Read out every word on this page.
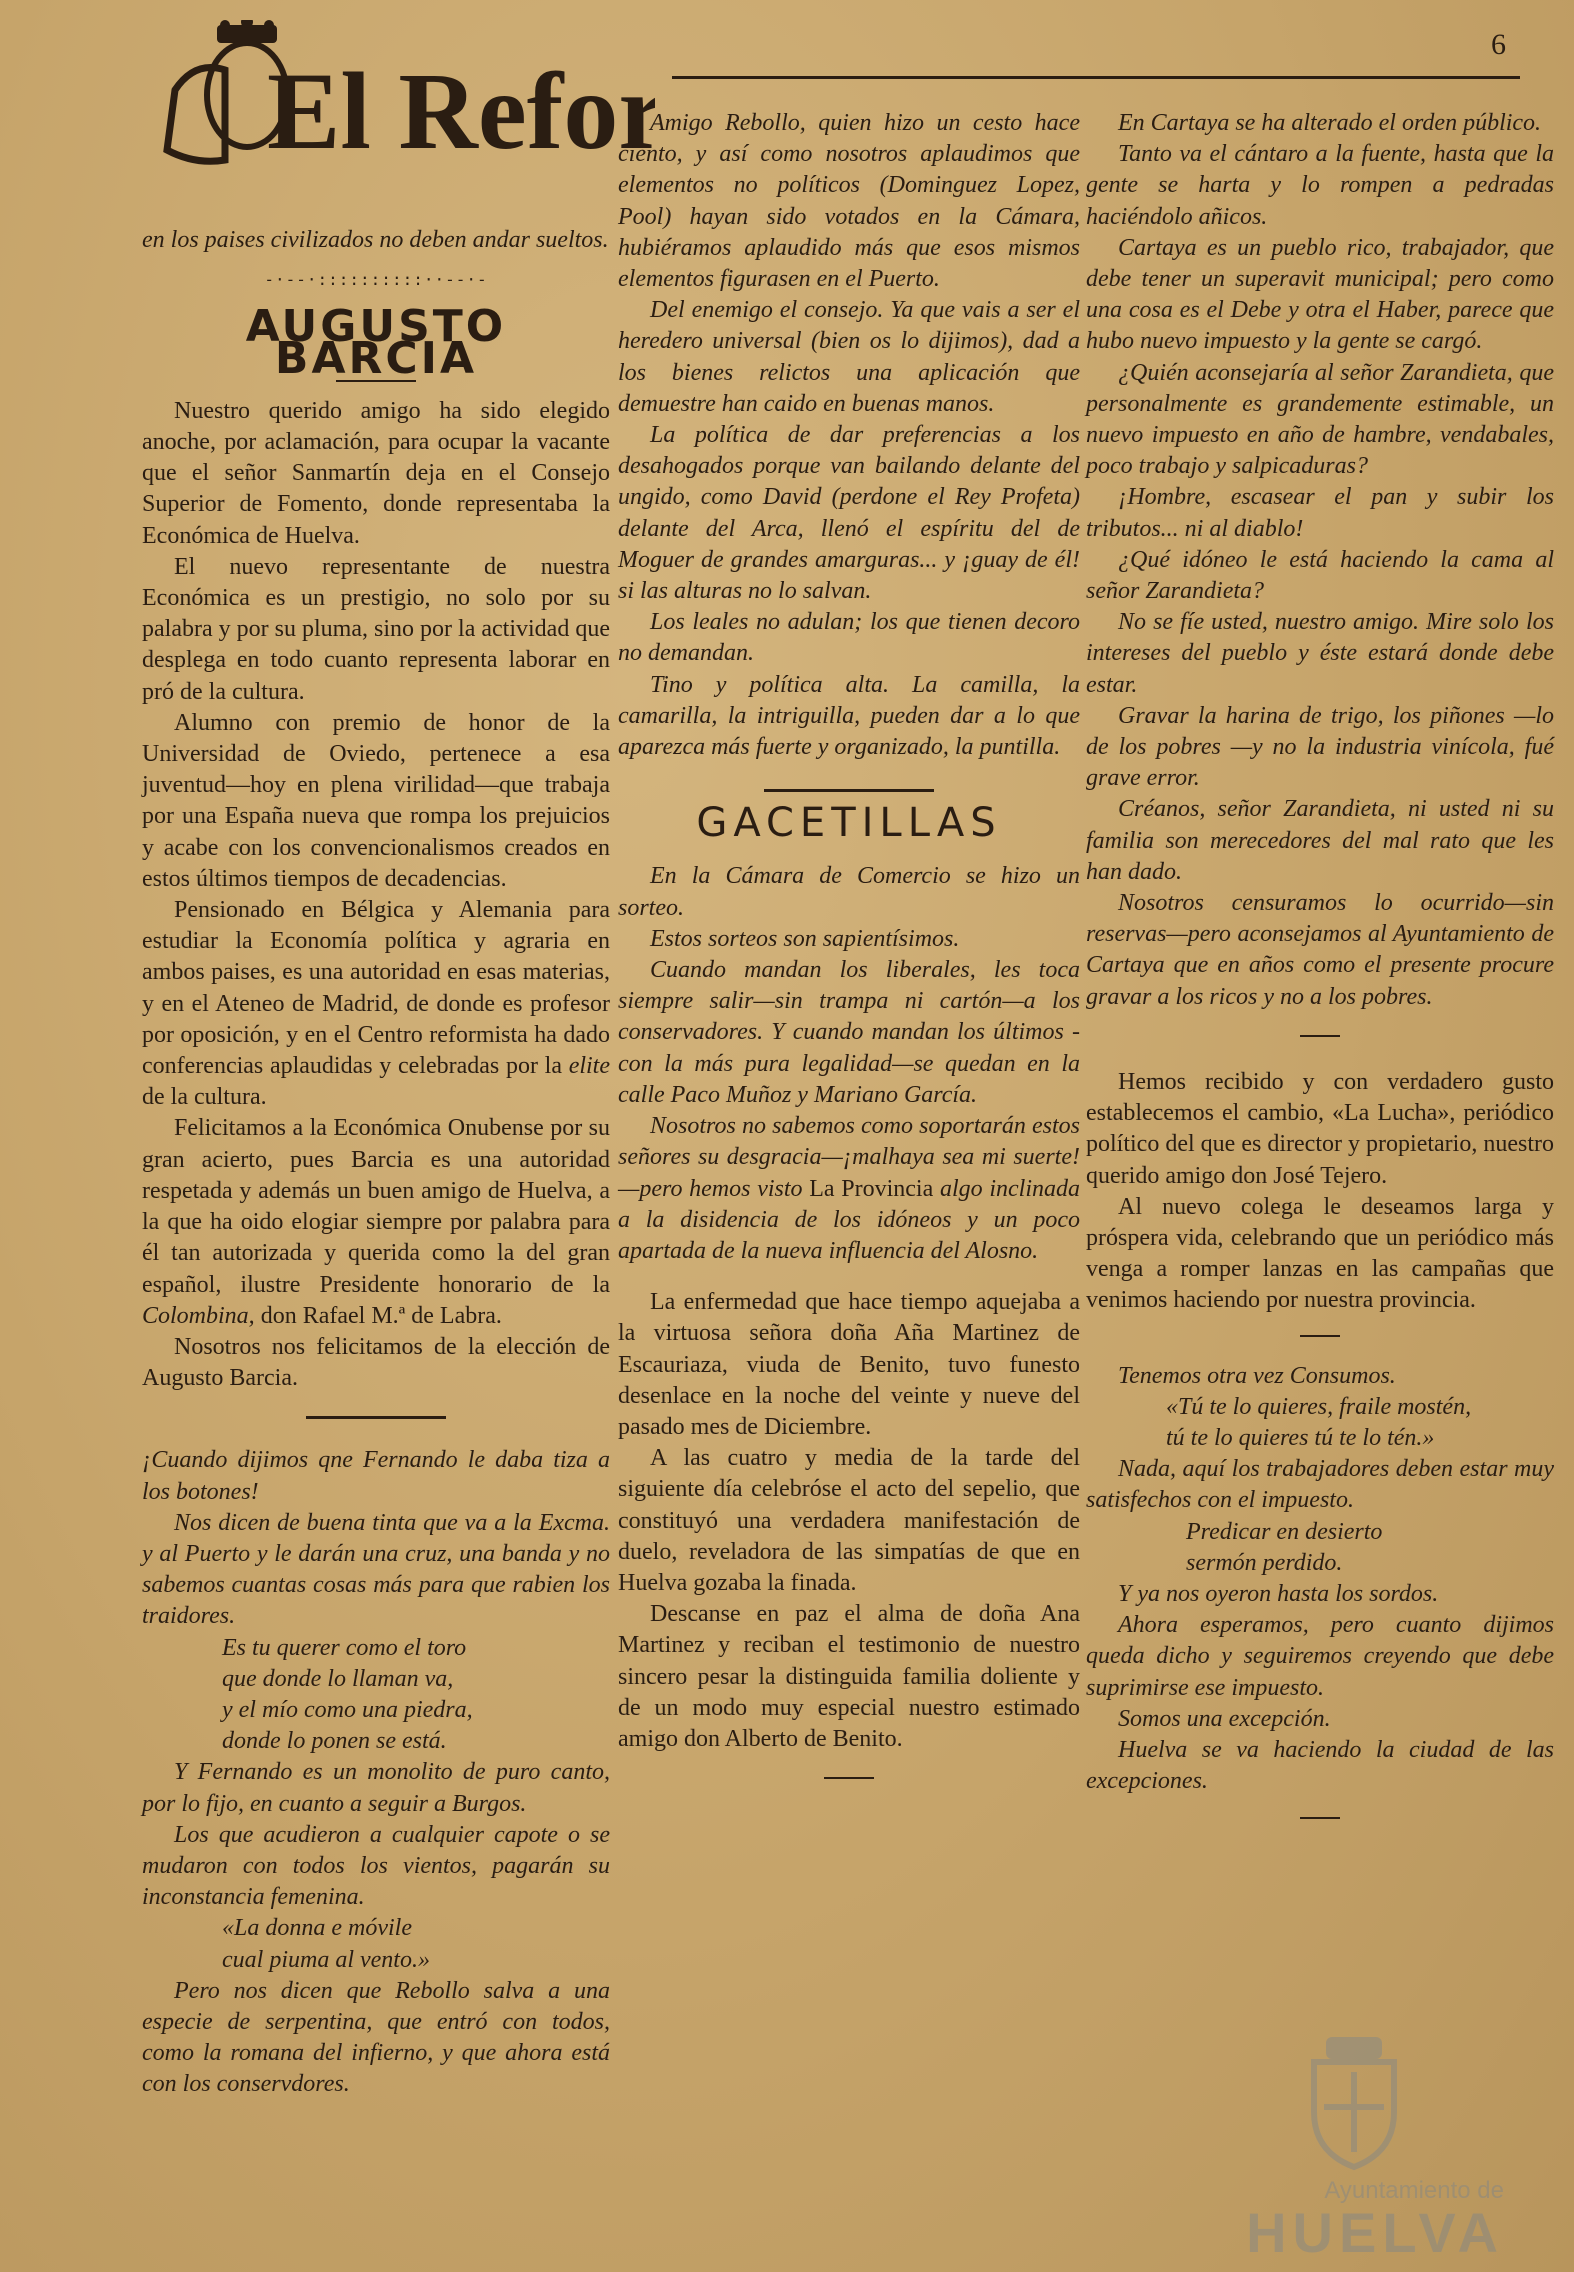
6
El Refor

en los paises civilizados no deben andar sueltos.

-·--·::::::::::··--·-
AUGUSTO BARCIA

Nuestro querido amigo ha sido elegido anoche, por aclamación, para ocupar la vacante que el señor Sanmartín deja en el Consejo Superior de Fomento, donde representaba la Económica de Huelva.

El nuevo representante de nuestra Económica es un prestigio, no solo por su palabra y por su pluma, sino por la actividad que desplega en todo cuanto representa laborar en pró de la cultura.

Alumno con premio de honor de la Universidad de Oviedo, pertenece a esa juventud—hoy en plena virilidad—que trabaja por una España nueva que rompa los prejuicios y acabe con los convencionalismos creados en estos últimos tiempos de decadencias.

Pensionado en Bélgica y Alemania para estudiar la Economía política y agraria en ambos paises, es una autoridad en esas materias, y en el Ateneo de Madrid, de donde es profesor por oposición, y en el Centro reformista ha dado conferencias aplaudidas y celebradas por la elite de la cultura.

Felicitamos a la Económica Onubense por su gran acierto, pues Barcia es una autoridad respetada y además un buen amigo de Huelva, a la que ha oido elogiar siempre por palabra para él tan autorizada y querida como la del gran español, ilustre Presidente honorario de la Colombina, don Rafael M.ª de Labra.

Nosotros nos felicitamos de la elección de Augusto Barcia.

¡Cuando dijimos qne Fernando le daba tiza a los botones!

Nos dicen de buena tinta que va a la Excma. y al Puerto y le darán una cruz, una banda y no sabemos cuantas cosas más para que rabien los traidores.

Es tu querer como el toro

que donde lo llaman va,

y el mío como una piedra,

donde lo ponen se está.

Y Fernando es un monolito de puro canto, por lo fijo, en cuanto a seguir a Burgos.

Los que acudieron a cualquier capote o se mudaron con todos los vientos, pagarán su inconstancia femenina.

«La donna e móvile

cual piuma al vento.»

Pero nos dicen que Rebollo salva a una especie de serpentina, que entró con todos, como la romana del infierno, y que ahora está con los conservdores.

Amigo Rebollo, quien hizo un cesto hace ciento, y así como nosotros aplaudimos que elementos no políticos (Dominguez Lopez, Pool) hayan sido votados en la Cámara, hubiéramos aplaudido más que esos mismos elementos figurasen en el Puerto.

Del enemigo el consejo. Ya que vais a ser el heredero universal (bien os lo dijimos), dad a los bienes relictos una aplicación que demuestre han caido en buenas manos.

La política de dar preferencias a los desahogados porque van bailando delante del ungido, como David (perdone el Rey Profeta) delante del Arca, llenó el espíritu del de Moguer de grandes amarguras... y ¡guay de él! si las alturas no lo salvan.

Los leales no adulan; los que tienen decoro no demandan.

Tino y política alta. La camilla, la camarilla, la intriguilla, pueden dar a lo que aparezca más fuerte y organizado, la puntilla.

GACETILLAS

En la Cámara de Comercio se hizo un sorteo.

Estos sorteos son sapientísimos.

Cuando mandan los liberales, les toca siempre salir—sin trampa ni cartón—a los conservadores. Y cuando mandan los últimos - con la más pura legalidad—se quedan en la calle Paco Muñoz y Mariano García.

Nosotros no sabemos como soportarán estos señores su desgracia—¡malhaya sea mi suerte!—pero hemos visto La Provincia algo inclinada a la disidencia de los idóneos y un poco apartada de la nueva influencia del Alosno.

La enfermedad que hace tiempo aquejaba a la virtuosa señora doña Aña Martinez de Escauriaza, viuda de Benito, tuvo funesto desenlace en la noche del veinte y nueve del pasado mes de Diciembre.

A las cuatro y media de la tarde del siguiente día celebróse el acto del sepelio, que constituyó una verdadera manifestación de duelo, reveladora de las simpatías de que en Huelva gozaba la finada.

Descanse en paz el alma de doña Ana Martinez y reciban el testimonio de nuestro sincero pesar la distinguida familia doliente y de un modo muy especial nuestro estimado amigo don Alberto de Benito.

En Cartaya se ha alterado el orden público.

Tanto va el cántaro a la fuente, hasta que la gente se harta y lo rompen a pedradas haciéndolo añicos.

Cartaya es un pueblo rico, trabajador, que debe tener un superavit municipal; pero como una cosa es el Debe y otra el Haber, parece que hubo nuevo impuesto y la gente se cargó.

¿Quién aconsejaría al señor Zarandieta, que personalmente es grandemente estimable, un nuevo impuesto en año de hambre, vendabales, poco trabajo y salpicaduras?

¡Hombre, escasear el pan y subir los tributos... ni al diablo!

¿Qué idóneo le está haciendo la cama al señor Zarandieta?

No se fíe usted, nuestro amigo. Mire solo los intereses del pueblo y éste estará donde debe estar.

Gravar la harina de trigo, los piñones —lo de los pobres —y no la industria vinícola, fué grave error.

Créanos, señor Zarandieta, ni usted ni su familia son merecedores del mal rato que les han dado.

Nosotros censuramos lo ocurrido—sin reservas—pero aconsejamos al Ayuntamiento de Cartaya que en años como el presente procure gravar a los ricos y no a los pobres.

Hemos recibido y con verdadero gusto establecemos el cambio, «La Lucha», periódico político del que es director y propietario, nuestro querido amigo don José Tejero.

Al nuevo colega le deseamos larga y próspera vida, celebrando que un periódico más venga a romper lanzas en las campañas que venimos haciendo por nuestra provincia.

Tenemos otra vez Consumos.

«Tú te lo quieres, fraile mostén,

tú te lo quieres tú te lo tén.»

Nada, aquí los trabajadores deben estar muy satisfechos con el impuesto.

Predicar en desierto

sermón perdido.

Y ya nos oyeron hasta los sordos.

Ahora esperamos, pero cuanto dijimos queda dicho y seguiremos creyendo que debe suprimirse ese impuesto.

Somos una excepción.

Huelva se va haciendo la ciudad de las excepciones.

Ayuntamiento de
HUELVA
